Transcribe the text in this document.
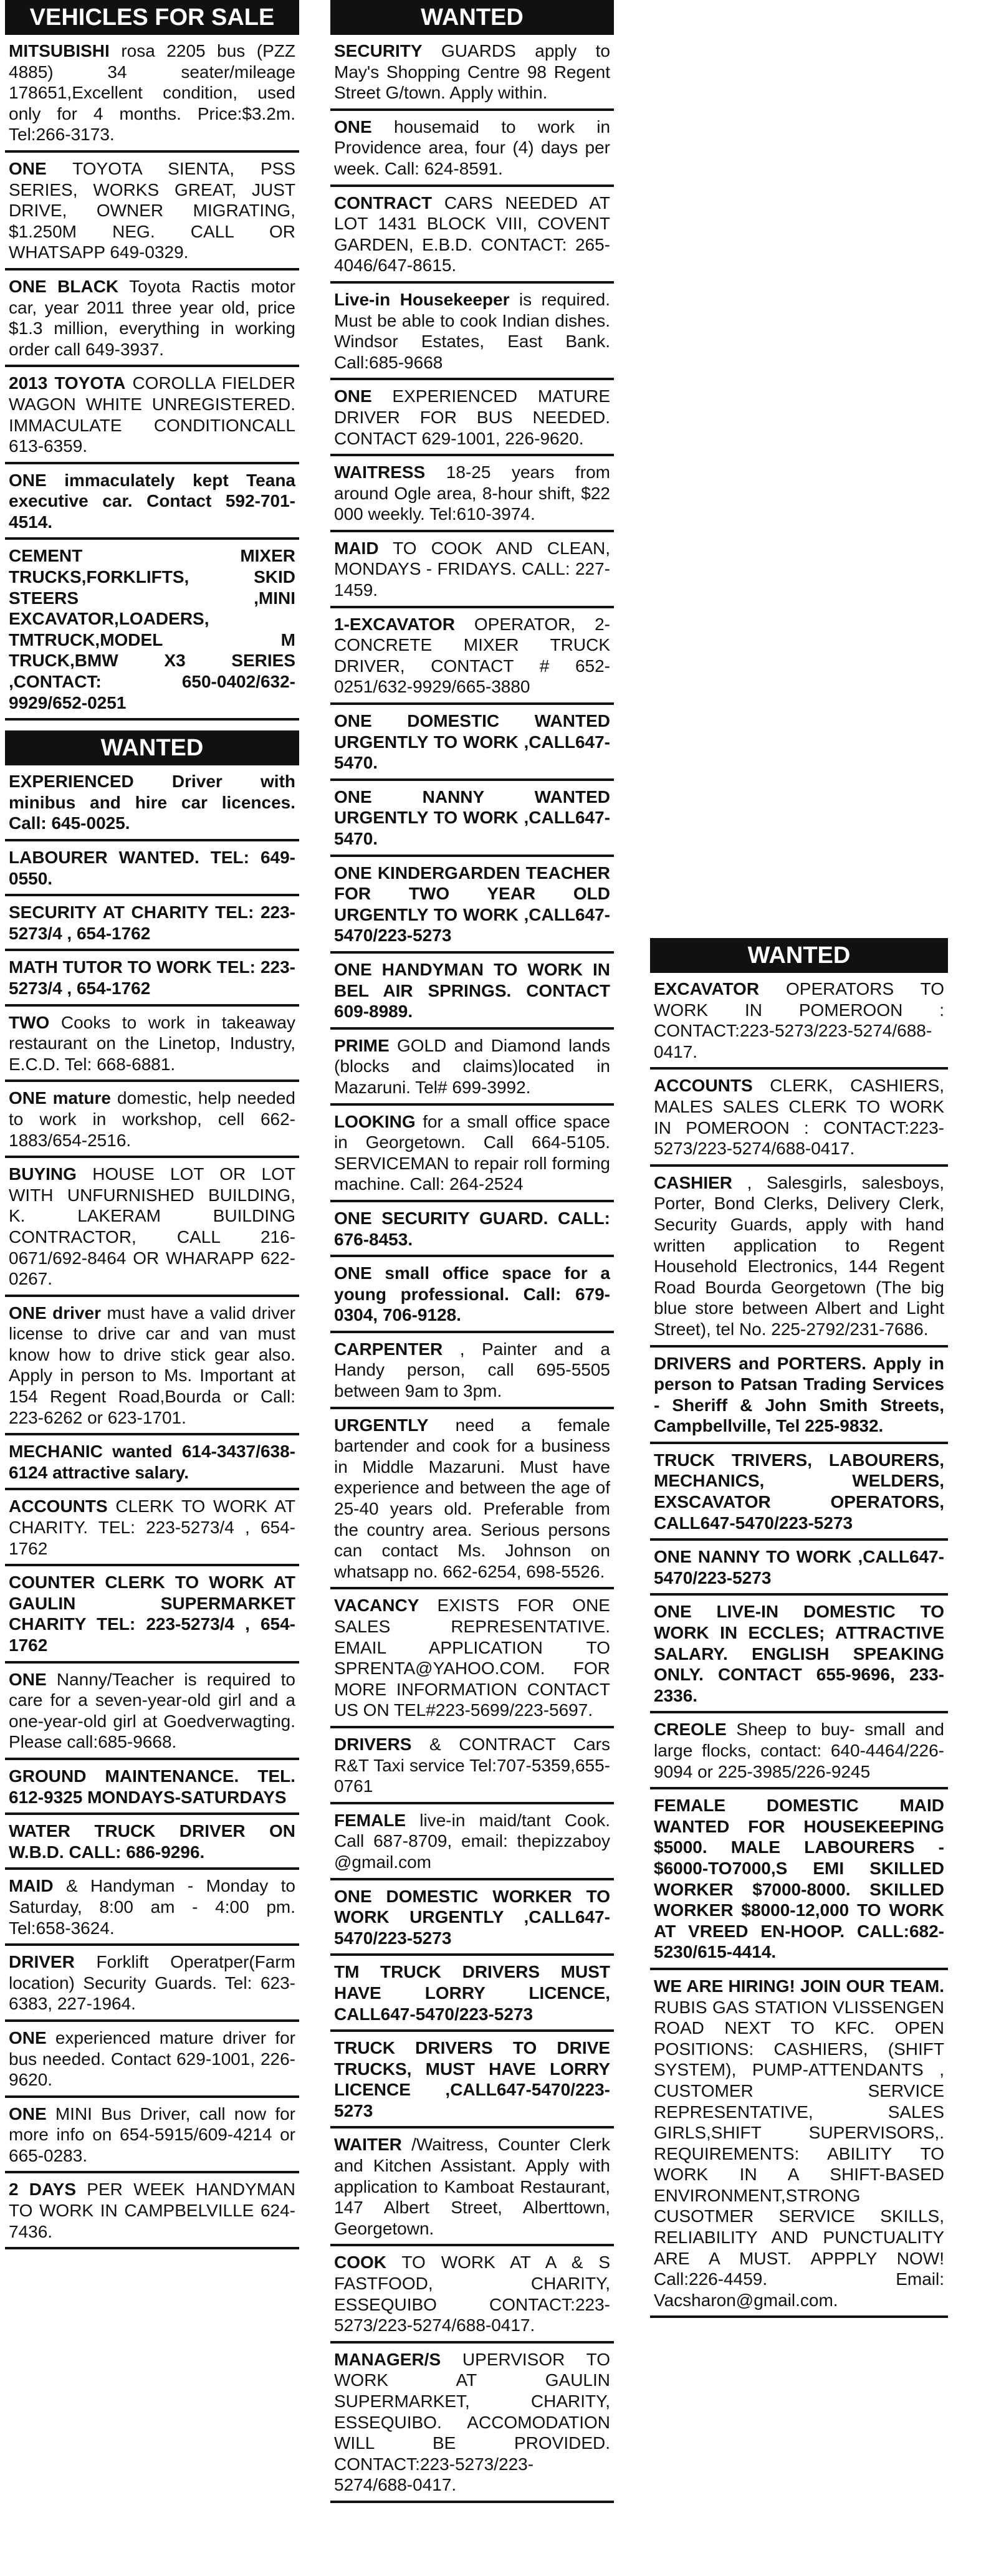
VEHICLES FOR SALE
MITSUBISHI rosa 2205 bus (PZZ 4885) 34 seater/mileage 178651,Excellent condition, used only for 4 months. Price:$3.2m. Tel:266-3173.
ONE TOYOTA SIENTA, PSS SERIES, WORKS GREAT, JUST DRIVE, OWNER MIGRATING, $1.250M NEG. CALL OR WHATSAPP 649-0329.
ONE BLACK Toyota Ractis motor car, year 2011 three year old, price $1.3 million, everything in working order call 649-3937.
2013 TOYOTA COROLLA FIELDER WAGON WHITE UNREGISTERED. IMMACULATE CONDITIONCALL 613-6359.
ONE immaculately kept Teana executive car. Contact 592-701-4514.
CEMENT MIXER TRUCKS,FORKLIFTS, SKID STEERS ,MINI EXCAVATOR,LOADERS, TMTRUCK,MODEL M TRUCK,BMW X3 SERIES ,CONTACT: 650-0402/632-9929/652-0251
WANTED
EXPERIENCED Driver with minibus and hire car licences. Call: 645-0025.
LABOURER WANTED. TEL: 649-0550.
SECURITY AT CHARITY TEL: 223-5273/4 , 654-1762
MATH TUTOR TO WORK TEL: 223-5273/4 , 654-1762
TWO Cooks to work in takeaway restaurant on the Linetop, Industry, E.C.D. Tel: 668-6881.
ONE mature domestic, help needed to work in workshop, cell 662-1883/654-2516.
BUYING HOUSE LOT OR LOT WITH UNFURNISHED BUILDING, K. LAKERAM BUILDING CONTRACTOR, CALL 216-0671/692-8464 OR WHARAPP 622-0267.
ONE driver must have a valid driver license to drive car and van must know how to drive stick gear also. Apply in person to Ms. Important at 154 Regent Road,Bourda or Call: 223-6262 or 623-1701.
MECHANIC wanted 614-3437/638-6124 attractive salary.
ACCOUNTS CLERK TO WORK AT CHARITY. TEL: 223-5273/4 , 654-1762
COUNTER CLERK TO WORK AT GAULIN SUPERMARKET CHARITY TEL: 223-5273/4 , 654-1762
ONE Nanny/Teacher is required to care for a seven-year-old girl and a one-year-old girl at Goedverwagting. Please call:685-9668.
GROUND MAINTENANCE. TEL. 612-9325 MONDAYS-SATURDAYS
WATER TRUCK DRIVER ON W.B.D. CALL: 686-9296.
MAID & Handyman - Monday to Saturday, 8:00 am - 4:00 pm. Tel:658-3624.
DRIVER Forklift Operatper(Farm location) Security Guards. Tel: 623-6383, 227-1964.
ONE experienced mature driver for bus needed. Contact 629-1001, 226-9620.
ONE MINI Bus Driver, call now for more info on 654-5915/609-4214 or 665-0283.
2 DAYS PER WEEK HANDYMAN TO WORK IN CAMPBELVILLE 624-7436.
WANTED
SECURITY GUARDS apply to May's Shopping Centre 98 Regent Street G/town. Apply within.
ONE housemaid to work in Providence area, four (4) days per week. Call: 624-8591.
CONTRACT CARS NEEDED AT LOT 1431 BLOCK VIII, COVENT GARDEN, E.B.D. CONTACT: 265-4046/647-8615.
Live-in Housekeeper is required. Must be able to cook Indian dishes. Windsor Estates, East Bank. Call:685-9668
ONE EXPERIENCED MATURE DRIVER FOR BUS NEEDED. CONTACT 629-1001, 226-9620.
WAITRESS 18-25 years from around Ogle area, 8-hour shift, $22 000 weekly. Tel:610-3974.
MAID TO COOK AND CLEAN, MONDAYS - FRIDAYS. CALL: 227-1459.
1-EXCAVATOR OPERATOR, 2- CONCRETE MIXER TRUCK DRIVER, CONTACT # 652-0251/632-9929/665-3880
ONE DOMESTIC WANTED URGENTLY TO WORK ,CALL647-5470.
ONE NANNY WANTED URGENTLY TO WORK ,CALL647-5470.
ONE KINDERGARDEN TEACHER FOR TWO YEAR OLD URGENTLY TO WORK ,CALL647-5470/223-5273
ONE HANDYMAN TO WORK IN BEL AIR SPRINGS. CONTACT 609-8989.
PRIME GOLD and Diamond lands (blocks and claims)located in Mazaruni. Tel# 699-3992.
LOOKING for a small office space in Georgetown. Call 664-5105. SERVICEMAN to repair roll forming machine. Call: 264-2524
ONE SECURITY GUARD. CALL: 676-8453.
ONE small office space for a young professional. Call: 679-0304, 706-9128.
CARPENTER , Painter and a Handy person, call 695-5505 between 9am to 3pm.
URGENTLY need a female bartender and cook for a business in Middle Mazaruni. Must have experience and between the age of 25-40 years old. Preferable from the country area. Serious persons can contact Ms. Johnson on whatsapp no. 662-6254, 698-5526.
VACANCY EXISTS FOR ONE SALES REPRESENTATIVE. EMAIL APPLICATION TO SPRENTA@YAHOO.COM. FOR MORE INFORMATION CONTACT US ON TEL#223-5699/223-5697.
DRIVERS & CONTRACT Cars R&T Taxi service Tel:707-5359,655-0761
FEMALE live-in maid/tant Cook. Call 687-8709, email: thepizzaboy @gmail.com
ONE DOMESTIC WORKER TO WORK URGENTLY ,CALL647-5470/223-5273
TM TRUCK DRIVERS MUST HAVE LORRY LICENCE, CALL647-5470/223-5273
TRUCK DRIVERS TO DRIVE TRUCKS, MUST HAVE LORRY LICENCE ,CALL647-5470/223-5273
WAITER /Waitress, Counter Clerk and Kitchen Assistant. Apply with application to Kamboat Restaurant, 147 Albert Street, Alberttown, Georgetown.
COOK TO WORK AT A & S FASTFOOD, CHARITY, ESSEQUIBO CONTACT:223-5273/223-5274/688-0417.
MANAGER/S UPERVISOR TO WORK AT GAULIN SUPERMARKET, CHARITY, ESSEQUIBO. ACCOMODATION WILL BE PROVIDED. CONTACT:223-5273/223-5274/688-0417.
WANTED
EXCAVATOR OPERATORS TO WORK IN POMEROON : CONTACT:223-5273/223-5274/688-0417.
ACCOUNTS CLERK, CASHIERS, MALES SALES CLERK TO WORK IN POMEROON : CONTACT:223-5273/223-5274/688-0417.
CASHIER , Salesgirls, salesboys, Porter, Bond Clerks, Delivery Clerk, Security Guards, apply with hand written application to Regent Household Electronics, 144 Regent Road Bourda Georgetown (The big blue store between Albert and Light Street), tel No. 225-2792/231-7686.
DRIVERS and PORTERS. Apply in person to Patsan Trading Services - Sheriff & John Smith Streets, Campbellville, Tel 225-9832.
TRUCK TRIVERS, LABOURERS, MECHANICS, WELDERS, EXSCAVATOR OPERATORS, CALL647-5470/223-5273
ONE NANNY TO WORK ,CALL647-5470/223-5273
ONE LIVE-IN DOMESTIC TO WORK IN ECCLES; ATTRACTIVE SALARY. ENGLISH SPEAKING ONLY. CONTACT 655-9696, 233-2336.
CREOLE Sheep to buy- small and large flocks, contact: 640-4464/226-9094 or 225-3985/226-9245
FEMALE DOMESTIC MAID WANTED FOR HOUSEKEEPING $5000. MALE LABOURERS - $6000-TO7000,S EMI SKILLED WORKER $7000-8000. SKILLED WORKER $8000-12,000 TO WORK AT VREED EN-HOOP. CALL:682-5230/615-4414.
WE ARE HIRING! JOIN OUR TEAM. RUBIS GAS STATION VLISSENGEN ROAD NEXT TO KFC. OPEN POSITIONS: CASHIERS, (SHIFT SYSTEM), PUMP-ATTENDANTS , CUSTOMER SERVICE REPRESENTATIVE, SALES GIRLS,SHIFT SUPERVISORS,. REQUIREMENTS: ABILITY TO WORK IN A SHIFT-BASED ENVIRONMENT,STRONG CUSOTMER SERVICE SKILLS, RELIABILITY AND PUNCTUALITY ARE A MUST. APPPLY NOW! Call:226-4459. Email: Vacsharon@gmail.com.
